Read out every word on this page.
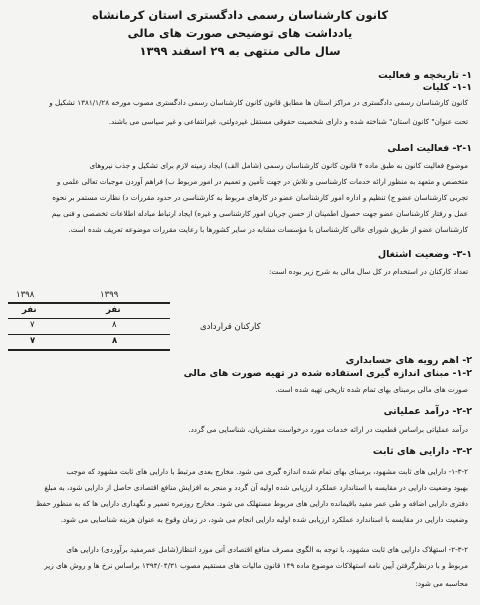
کانون کارشناسان رسمی دادگستری استان کرمانشاه
یادداشت های توضیحی صورت های مالی
سال مالی منتهی به ۲۹ اسفند ۱۳۹۹
۱- تاریخچه و فعالیت
۱-۱- کلیات
کانون کارشناسان رسمی دادگستری در مراکز استان ها مطابق قانون کانون کارشناسان رسمی دادگستری مصوب مورخه ۱۳۸۱/۱/۲۸ تشکیل و
تحت عنوان" کانون استان" شناخته شده و دارای شخصیت حقوقی مستقل غیردولتی، غیرانتفاعی و غیر سیاسی می باشند.
۲-۱- فعالیت اصلی
موضوع فعالیت کانون به طبق ماده ۴ قانون کانون کارشناسان رسمی (شامل الف) ایجاد زمینه لازم برای تشکیل و جذب نیروهای
متخصص و متعهد به منظور ارائه خدمات کارشناسی و تلاش در جهت تأمین و تعمیم در امور مربوط ب) فراهم آوردن موجبات تعالی علمی و
تجربی کارشناسان عضو ج) تنظیم و اداره امور کارشناسان عضو در کارهای مربوط به کارشناسی در حدود مقررات د) نظارت مستمر بر نحوه
عمل و رفتار کارشناسان عضو جهت حصول اطمینان از حسن جریان امور کارشناسی و غیره) ایجاد ارتباط مبادله اطلاعات تخصصی و فنی بیم
کارشناسان عضو از طریق شورای عالی کارشناسان با مؤسسات مشابه در سایر کشورها با رعایت مقررات موضوعه تعریف شده است.
۳-۱- وضعیت اشتغال
تعداد کارکنان در استخدام در کل سال مالی به شرح زیر بوده است:
۱۳۹۹
۱۳۹۸
نفر
نفر
۸
۷	کارکنان قراردادی
۸
۷
۲- اهم رویه های حسابداری
۱-۲- مبنای اندازه گیری استفاده شده در تهیه صورت های مالی
صورت های مالی برمبنای بهای تمام شده تاریخی تهیه شده است.
۲-۲- درآمد عملیاتی
درآمد عملیاتی براساس قطعیت در ارائه خدمات مورد درخواست مشتریان، شناسایی می گردد.
۳-۲- دارایی های ثابت
۱-۳-۲- دارایی های ثابت مشهود، برمبنای بهای تمام شده اندازه گیری می شود. مخارج بعدی مرتبط با دارایی های ثابت مشهود که موجب
بهبود وضعیت دارایی در مقایسه با استاندارد عملکرد ارزیابی شده اولیه آن گردد و منجر به افزایش منافع اقتصادی حاصل از دارایی شود، به مبلغ
دفتری دارایی اضافه و طی عمر مفید باقیمانده دارایی های مربوط مستهلک می شود. مخارج روزمره تعمیر و نگهداری دارایی ها که به منظور حفظ
وضعیت دارایی در مقایسه با استاندارد عملکرد ارزیابی شده اولیه دارایی انجام می شود، در زمان وقوع به عنوان هزینه شناسایی می شود.
۲-۳-۲- استهلاک دارایی های ثابت مشهود، با توجه به الگوی مصرف منافع اقتصادی آتی مورد انتظار(شامل عمرمفید برآوردی) دارایی های
مربوط و با درنظرگرفتن آیین نامه استهلاکات موضوع ماده ۱۴۹ قانون مالیات های مستقیم مصوب ۱۳۹۴/۰۴/۳۱ براساس نرخ ها و روش های زیر
محاسبه می شود:
